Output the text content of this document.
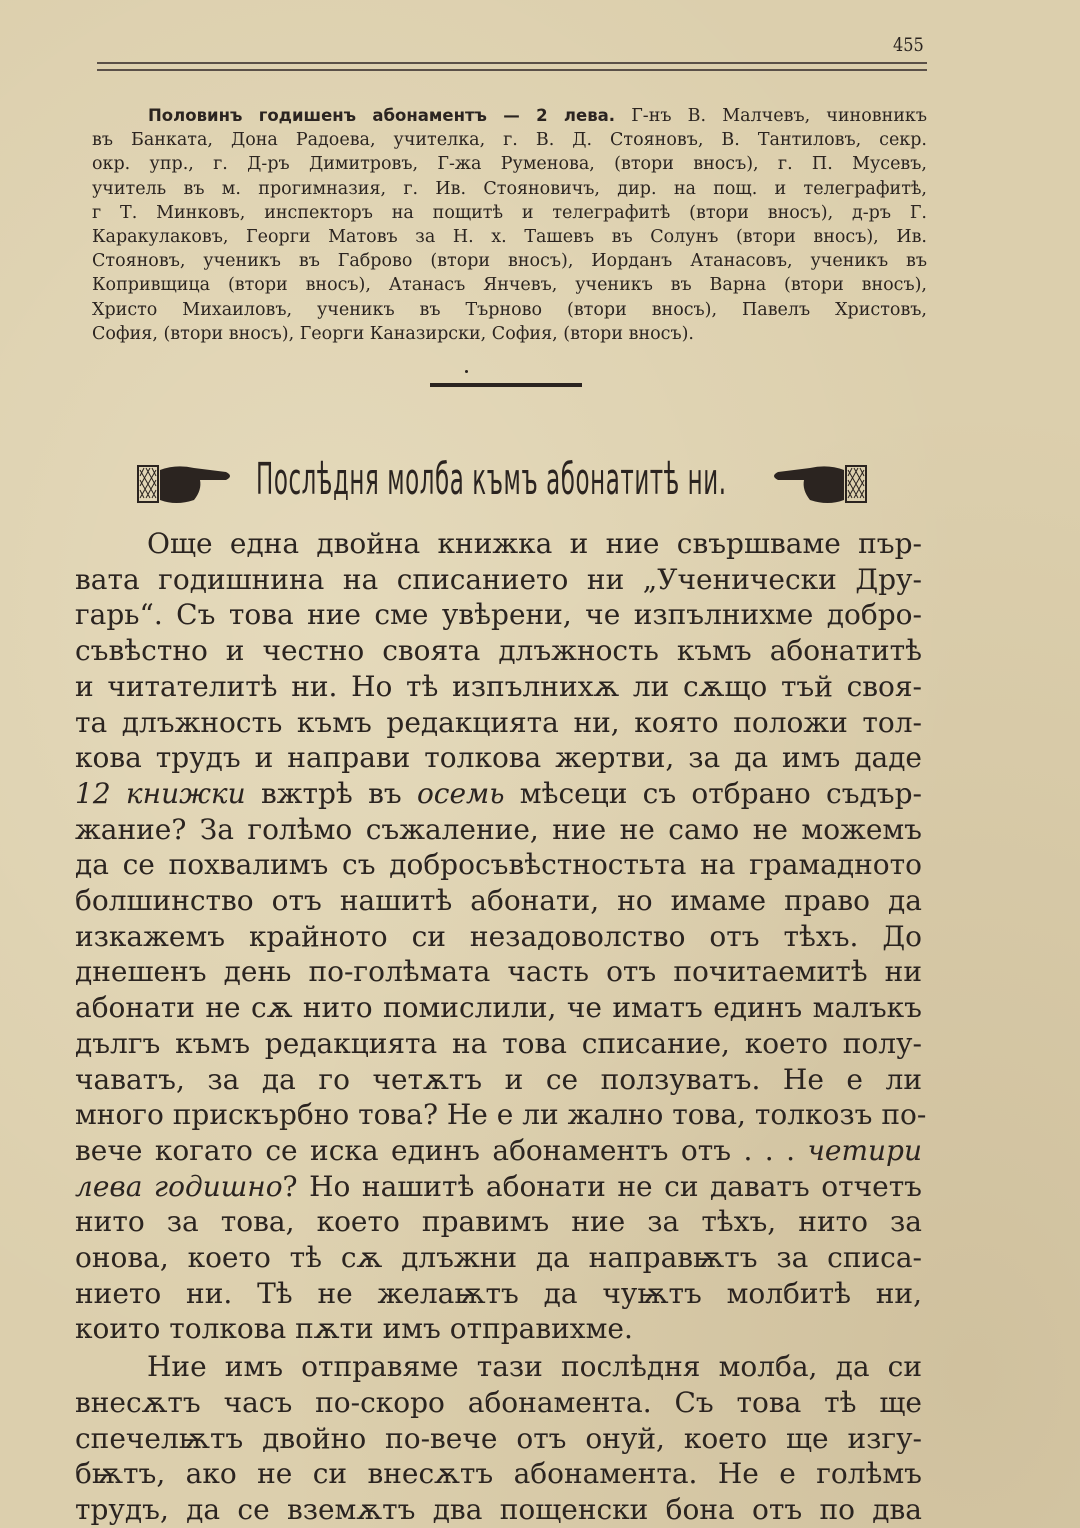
455
Половинъ годишенъ абонаментъ — 2 лева. Г-нъ В. Малчевъ, чиновникъ
въ Банката, Дона Радоева, учителка, г. В. Д. Стояновъ, В. Тантиловъ, секр.
окр. упр., г. Д-ръ Димитровъ, Г-жа Руменова, (втори вносъ), г. П. Мусевъ,
учитель въ м. прогимназия, г. Ив. Стояновичъ, дир. на пощ. и телеграфитѣ,
г Т. Минковъ, инспекторъ на пощитѣ и телеграфитѣ (втори вносъ), д-ръ Г.
Каракулаковъ, Георги Матовъ за Н. х. Ташевъ въ Солунъ (втори вносъ), Ив.
Стояновъ, ученикъ въ Габрово (втори вносъ), Иорданъ Атанасовъ, ученикъ въ
Копривщица (втори вносъ), Атанасъ Янчевъ, ученикъ въ Варна (втори вносъ),
Христо Михаиловъ, ученикъ въ Търново (втори вносъ), Павелъ Христовъ,
София, (втори вносъ), Георги Каназирски, София, (втори вносъ).
Послѣдня молба къмъ абонатитѣ ни.
Още една двойна книжка и ние свършваме пър-
вата годишнина на списанието ни „Ученически Дру-
гарь“. Съ това ние сме увѣрени, че изпълнихме добро-
съвѣстно и честно своята длъжность къмъ абонатитѣ
и читателитѣ ни. Но тѣ изпълнихѫ ли сѫщо тъй своя-
та длъжность къмъ редакцията ни, която положи тол-
кова трудъ и направи толкова жертви, за да имъ даде
12 книжки вжтрѣ въ осемь мѣсеци съ отбрано съдър-
жание? За голѣмо съжаление, ние не само не можемъ
да се похвалимъ съ добросъвѣстностьта на грамадното
болшинство отъ нашитѣ абонати, но имаме право да
изкажемъ крайното си незадоволство отъ тѣхъ. До
днешенъ день по-голѣмата часть отъ почитаемитѣ ни
абонати не сѫ нито помислили, че иматъ единъ малъкъ
дългъ къмъ редакцията на това списание, което полу-
чаватъ, за да го четѫтъ и се ползуватъ. Не е ли
много прискърбно това? Не е ли жално това, толкозъ по-
вече когато се иска единъ абонаментъ отъ . . . четири
лева годишно? Но нашитѣ абонати не си даватъ отчетъ
нито за това, което правимъ ние за тѣхъ, нито за
онова, което тѣ сѫ длъжни да направѭтъ за списа-
нието ни. Тѣ не желаѭтъ да чуѭтъ молбитѣ ни,
които толкова пѫти имъ отправихме.
Ние имъ отправяме тази послѣдня молба, да си
внесѫтъ часъ по-скоро абонамента. Съ това тѣ ще
спечелѭтъ двойно по-вече отъ онуй, което ще изгу-
бѭтъ, ако не си внесѫтъ абонамента. Не е голѣмъ
трудъ, да се вземѫтъ два пощенски бона отъ по два
